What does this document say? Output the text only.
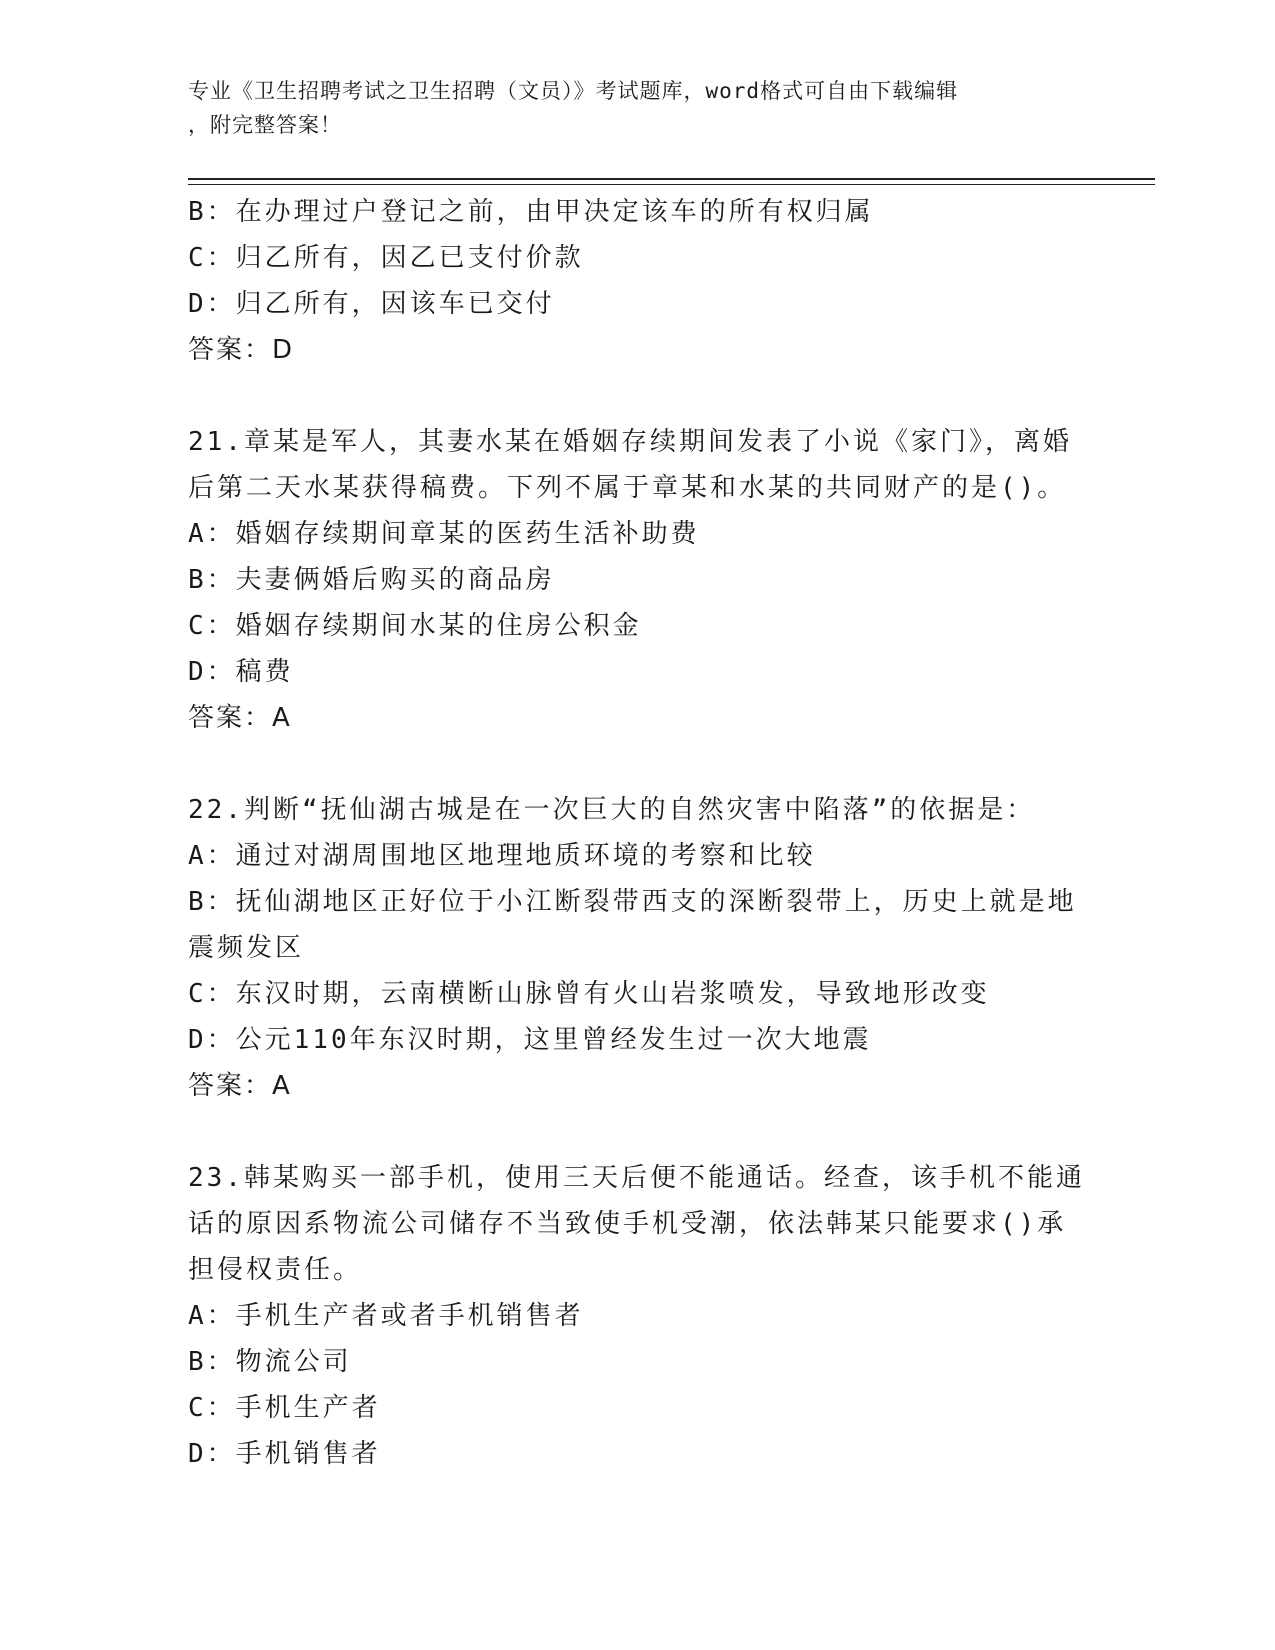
专业《卫生招聘考试之卫生招聘（文员）》考试题库，word格式可自由下载编辑
，附完整答案！
B：在办理过户登记之前，由甲决定该车的所有权归属
C：归乙所有，因乙已支付价款
D：归乙所有，因该车已交付
答案：D
21.章某是军人，其妻水某在婚姻存续期间发表了小说《家门》，离婚
后第二天水某获得稿费。下列不属于章某和水某的共同财产的是()。
A：婚姻存续期间章某的医药生活补助费
B：夫妻俩婚后购买的商品房
C：婚姻存续期间水某的住房公积金
D：稿费
答案：A
22.判断“抚仙湖古城是在一次巨大的自然灾害中陷落”的依据是：
A：通过对湖周围地区地理地质环境的考察和比较
B：抚仙湖地区正好位于小江断裂带西支的深断裂带上，历史上就是地
震频发区
C：东汉时期，云南横断山脉曾有火山岩浆喷发，导致地形改变
D：公元110年东汉时期，这里曾经发生过一次大地震
答案：A
23.韩某购买一部手机，使用三天后便不能通话。经查，该手机不能通
话的原因系物流公司储存不当致使手机受潮，依法韩某只能要求()承
担侵权责任。
A：手机生产者或者手机销售者
B：物流公司
C：手机生产者
D：手机销售者
